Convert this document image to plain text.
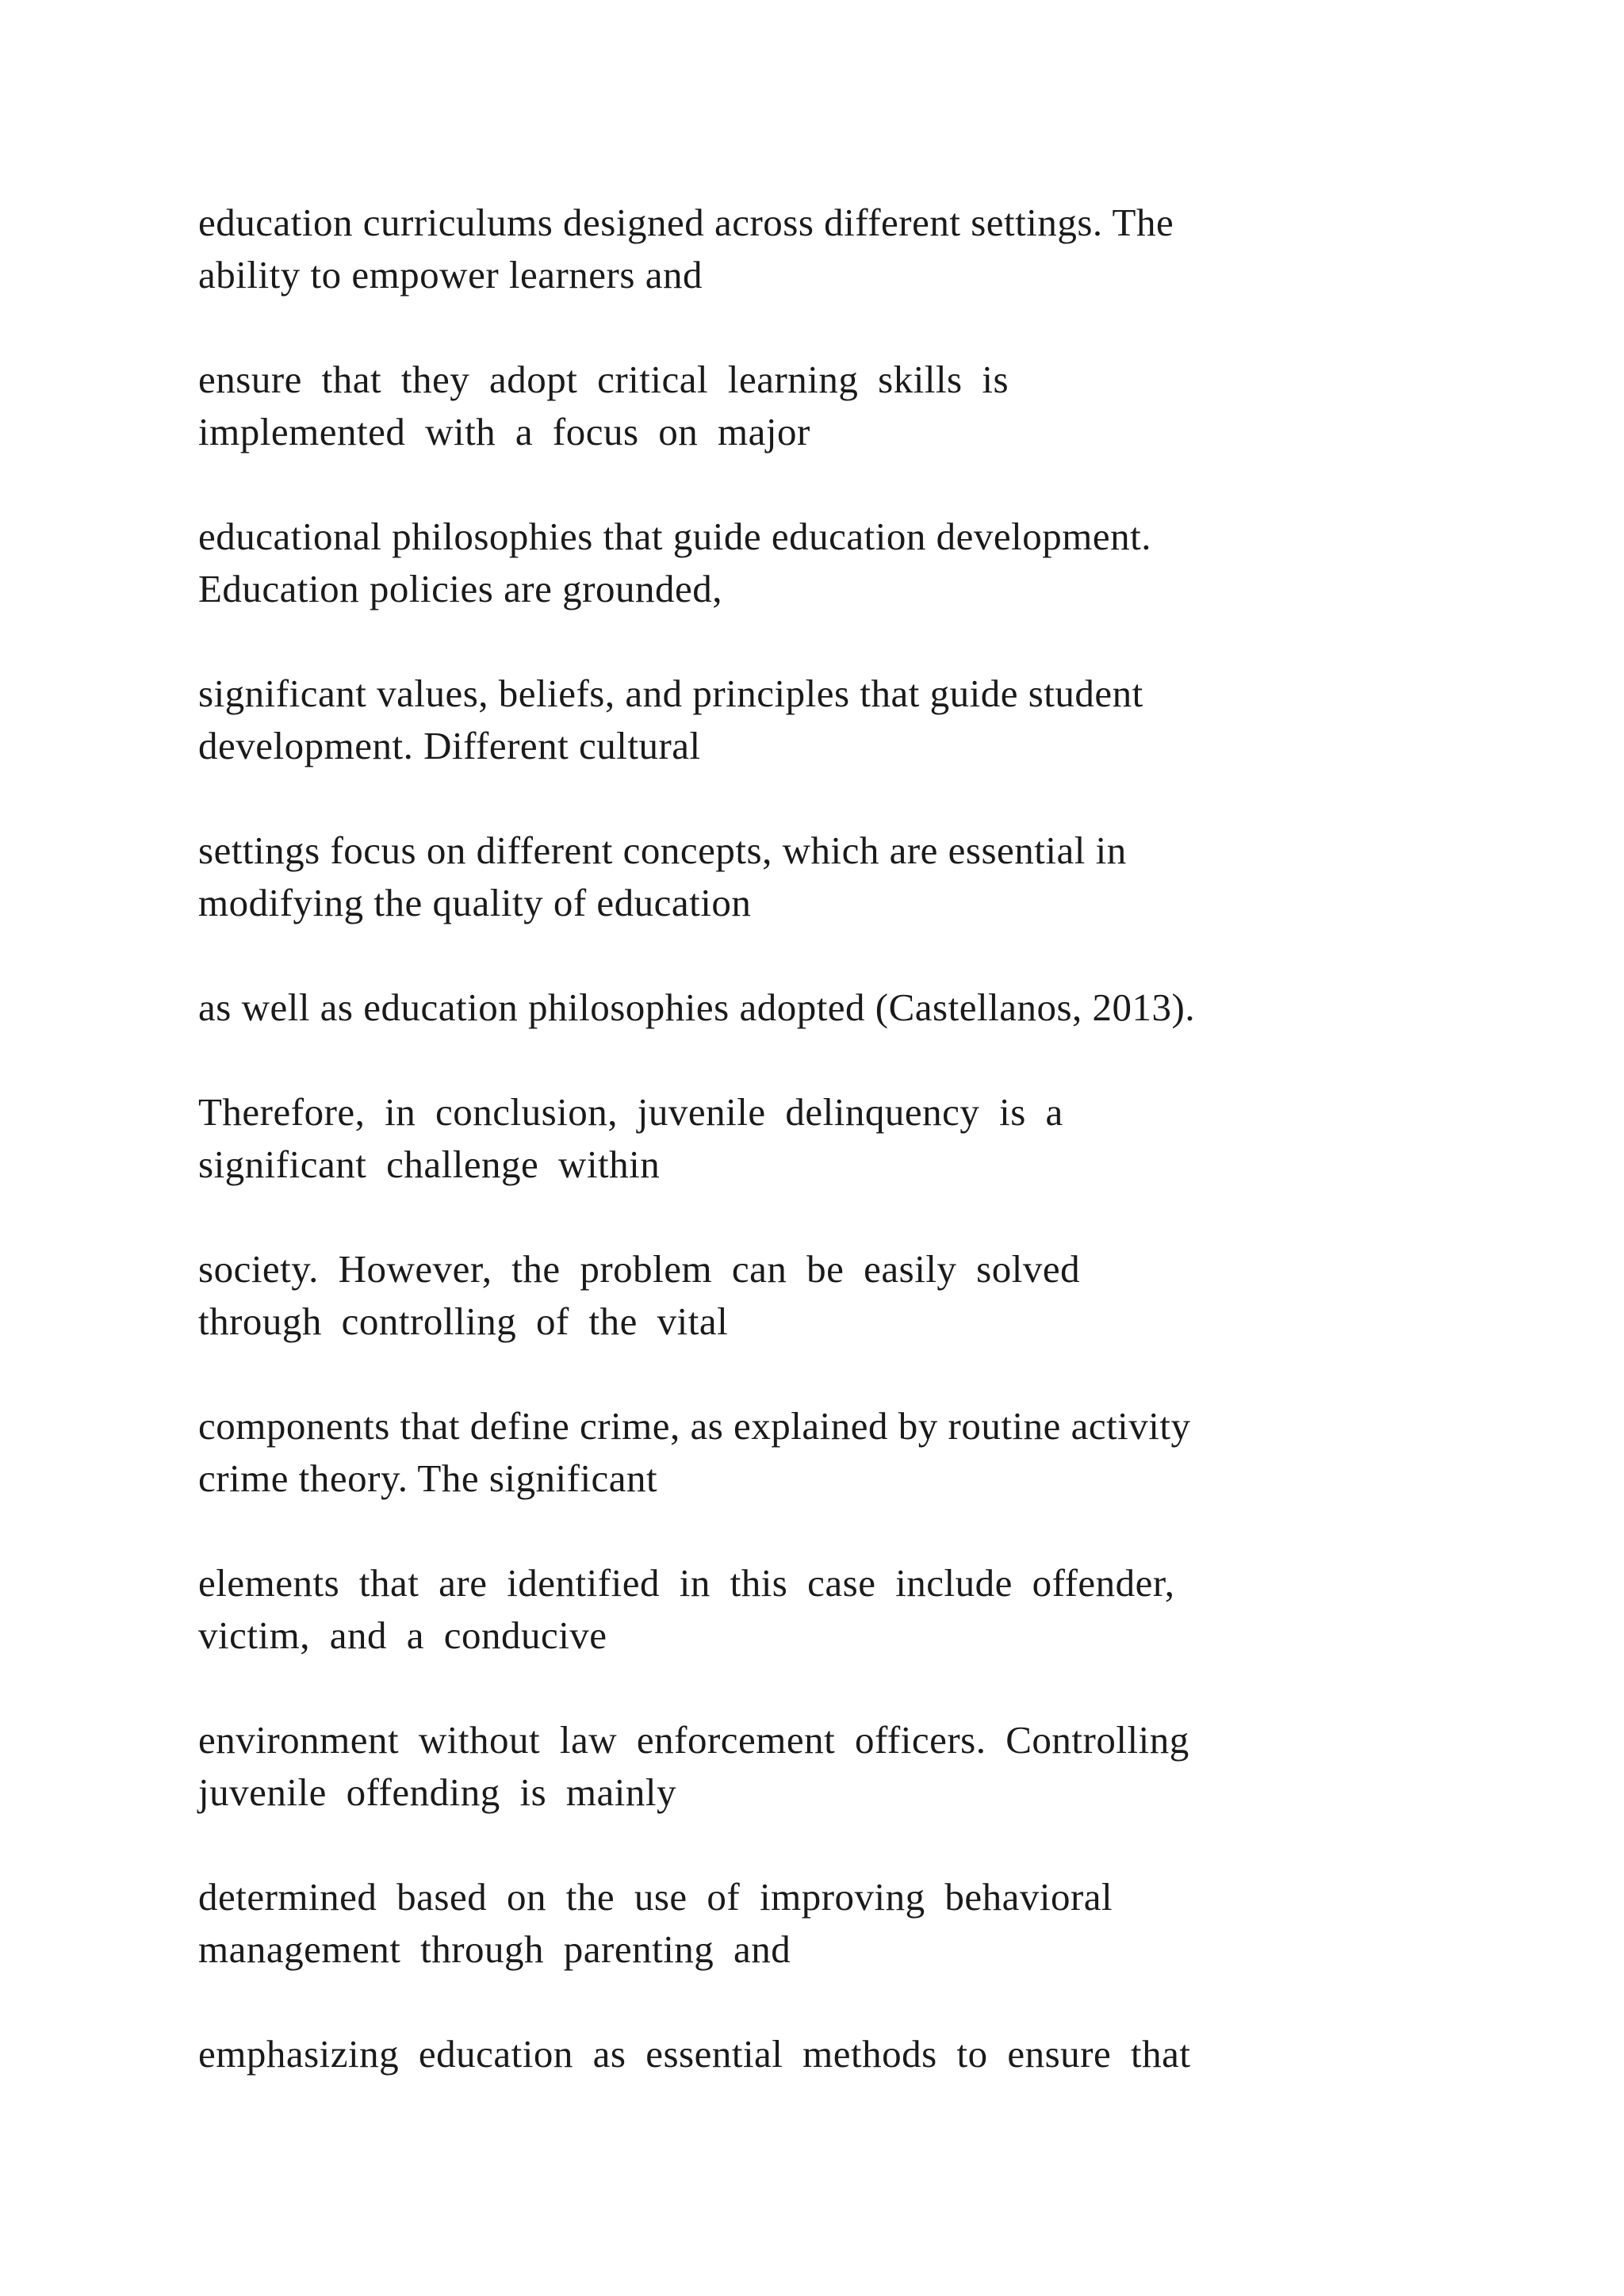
education curriculums designed across different settings. The
ability to empower learners and

ensure that they adopt critical learning skills is
implemented with a focus on major

educational philosophies that guide education development.
Education policies are grounded,

significant values, beliefs, and principles that guide student
development. Different cultural

settings focus on different concepts, which are essential in
modifying the quality of education

as well as education philosophies adopted (Castellanos, 2013).

Therefore, in conclusion, juvenile delinquency is a
significant challenge within

society. However, the problem can be easily solved
through controlling of the vital

components that define crime, as explained by routine activity
crime theory. The significant

elements that are identified in this case include offender,
victim, and a conducive

environment without law enforcement officers. Controlling
juvenile offending is mainly

determined based on the use of improving behavioral
management through parenting and

emphasizing education as essential methods to ensure that
